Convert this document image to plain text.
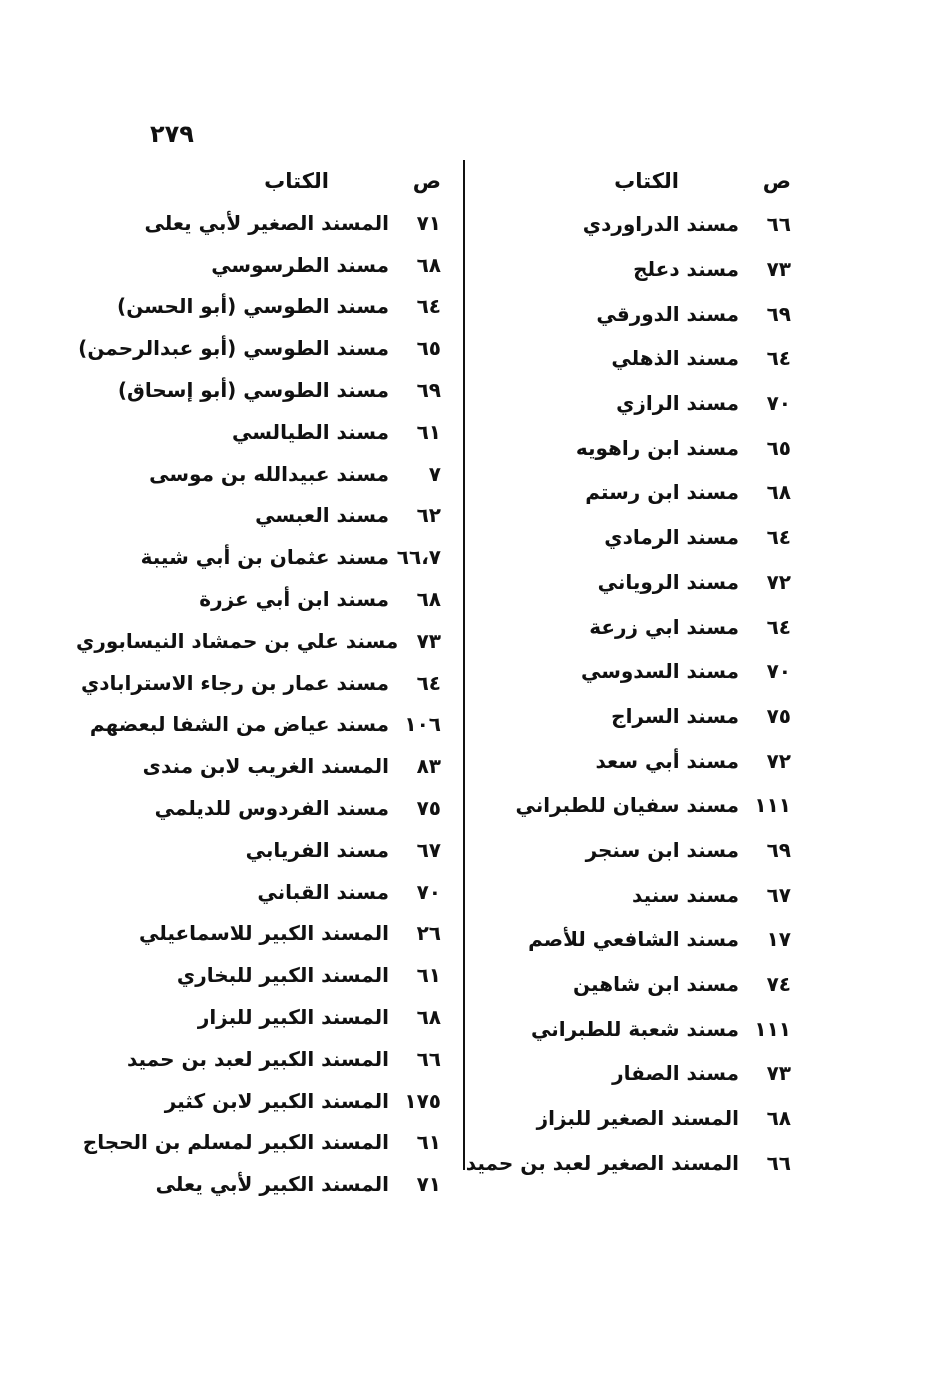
٢٧٩
ص
الكتاب
٦٦
مسند الدراوردي
٧٣
مسند دعلج
٦٩
مسند الدورقي
٦٤
مسند الذهلي
٧٠
مسند الرازي
٦٥
مسند ابن راهويه
٦٨
مسند ابن رستم
٦٤
مسند الرمادي
٧٢
مسند الروياني
٦٤
مسند ابي زرعة
٧٠
مسند السدوسي
٧٥
مسند السراج
٧٢
مسند أبي سعد
١١١
مسند سفيان للطبراني
٦٩
مسند ابن سنجر
٦٧
مسند سنيد
١٧
مسند الشافعي للأصم
٧٤
مسند ابن شاهين
١١١
مسند شعبة للطبراني
٧٣
مسند الصفار
٦٨
المسند الصغير للبزاز
٦٦
المسند الصغير لعبد بن حميد
ص
الكتاب
٧١
المسند الصغير لأبي يعلى
٦٨
مسند الطرسوسي
٦٤
مسند الطوسي (أبو الحسن)
٦٥
مسند الطوسي (أبو عبدالرحمن)
٦٩
مسند الطوسي (أبو إسحاق)
٦١
مسند الطيالسي
٧
مسند عبيدالله بن موسى
٦٢
مسند العبسي
٦٦،٧
مسند عثمان بن أبي شيبة
٦٨
مسند ابن أبي عزرة
٧٣
مسند علي بن حمشاد النيسابوري
٦٤
مسند عمار بن رجاء الاسترابادي
١٠٦
مسند عياض من الشفا لبعضهم
٨٣
المسند الغريب لابن مندى
٧٥
مسند الفردوس للديلمي
٦٧
مسند الفريابي
٧٠
مسند القباني
٢٦
المسند الكبير للاسماعيلي
٦١
المسند الكبير للبخاري
٦٨
المسند الكبير للبزار
٦٦
المسند الكبير لعبد بن حميد
١٧٥
المسند الكبير لابن كثير
٦١
المسند الكبير لمسلم بن الحجاج
٧١
المسند الكبير لأبي يعلى
